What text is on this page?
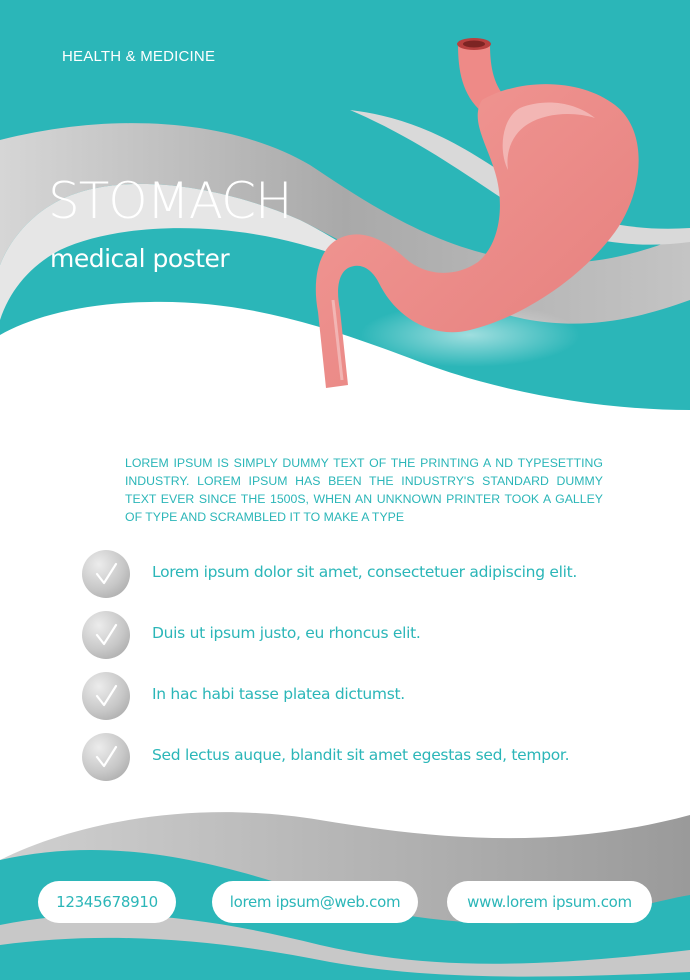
HEALTH & MEDICINE
STOMACH
medical poster

LOREM IPSUM IS SIMPLY DUMMY TEXT OF THE PRINTING A ND TYPESETTING INDUSTRY. LOREM IPSUM HAS BEEN THE INDUSTRY'S STANDARD DUMMY TEXT EVER SINCE THE 1500S, WHEN AN UNKNOWN PRINTER TOOK A GALLEY OF TYPE AND SCRAMBLED IT TO MAKE A TYPE

Lorem ipsum dolor sit amet, consectetuer adipiscing elit.
Duis ut ipsum justo, eu rhoncus elit.
In hac habi tasse platea dictumst.
Sed lectus auque, blandit sit amet egestas sed, tempor.
12345678910	lorem ipsum@web.com	www.lorem ipsum.com
